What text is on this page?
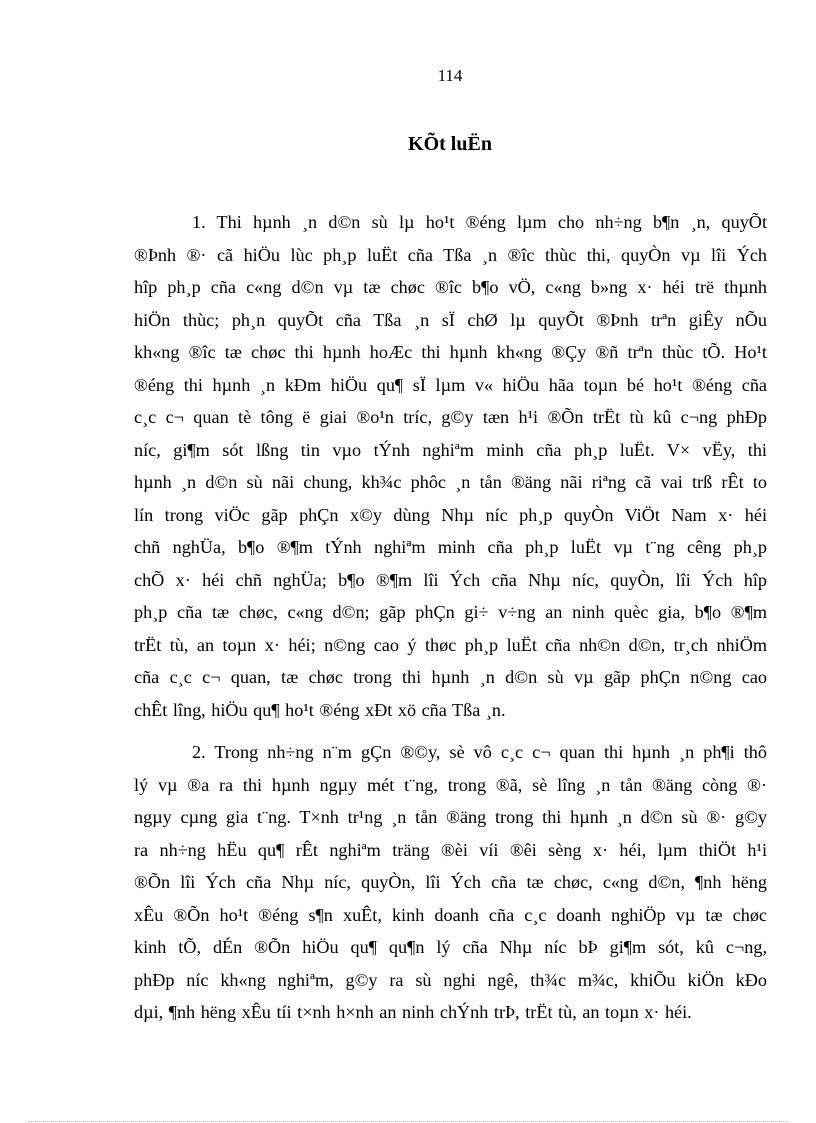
114
KÕt luËn

1. Thi hµnh ¸n d©n sù lµ ho¹t ®éng lµm cho nh÷ng b¶n ¸n, quyÕt
®Þnh ®· cã hiÖu lùc ph¸p luËt cña Tßa ¸n ®îc thùc thi, quyÒn vµ lîi Ých
hîp ph¸p cña c«ng d©n vµ tæ chøc ®îc b¶o vÖ, c«ng b»ng x· héi trë thµnh
hiÖn thùc; ph¸n quyÕt cña Tßa ¸n sÏ chØ lµ quyÕt ®Þnh trªn giÊy nÕu
kh«ng ®îc tæ chøc thi hµnh hoÆc thi hµnh kh«ng ®Çy ®ñ trªn thùc tÕ. Ho¹t
®éng thi hµnh ¸n kÐm hiÖu qu¶ sÏ lµm v« hiÖu hãa toµn bé ho¹t ®éng cña
c¸c c¬ quan tè tông ë giai ®o¹n tríc, g©y tæn h¹i ®Õn trËt tù kû c¬ng phÐp
níc, gi¶m sót lßng tin vµo tÝnh nghiªm minh cña ph¸p luËt. V× vËy, thi
hµnh ¸n d©n sù nãi chung, kh¾c phôc ¸n tån ®äng nãi riªng cã vai trß rÊt to
lín trong viÖc gãp phÇn x©y dùng Nhµ níc ph¸p quyÒn ViÖt Nam x· héi
chñ nghÜa, b¶o ®¶m tÝnh nghiªm minh cña ph¸p luËt vµ t¨ng cêng ph¸p
chÕ x· héi chñ nghÜa; b¶o ®¶m lîi Ých cña Nhµ níc, quyÒn, lîi Ých hîp
ph¸p cña tæ chøc, c«ng d©n; gãp phÇn gi÷ v÷ng an ninh quèc gia, b¶o ®¶m
trËt tù, an toµn x· héi; n©ng cao ý thøc ph¸p luËt cña nh©n d©n, tr¸ch nhiÖm
cña c¸c c¬ quan, tæ chøc trong thi hµnh ¸n d©n sù vµ gãp phÇn n©ng cao
chÊt lîng, hiÖu qu¶ ho¹t ®éng xÐt xö cña Tßa ¸n.

2. Trong nh÷ng n¨m gÇn ®©y, sè vô c¸c c¬ quan thi hµnh ¸n ph¶i thô
lý vµ ®a ra thi hµnh ngµy mét t¨ng, trong ®ã, sè lîng ¸n tån ®äng còng ®·
ngµy cµng gia t¨ng. T×nh tr¹ng ¸n tån ®äng trong thi hµnh ¸n d©n sù ®· g©y
ra nh÷ng hËu qu¶ rÊt nghiªm träng ®èi víi ®êi sèng x· héi, lµm thiÖt h¹i
®Õn lîi Ých cña Nhµ níc, quyÒn, lîi Ých cña tæ chøc, c«ng d©n, ¶nh hëng
xÊu ®Õn ho¹t ®éng s¶n xuÊt, kinh doanh cña c¸c doanh nghiÖp vµ tæ chøc
kinh tÕ, dÉn ®Õn hiÖu qu¶ qu¶n lý cña Nhµ níc bÞ gi¶m sót, kû c¬ng,
phÐp níc kh«ng nghiªm, g©y ra sù nghi ngê, th¾c m¾c, khiÕu kiÖn kÐo
dµi, ¶nh hëng xÊu tíi t×nh h×nh an ninh chÝnh trÞ, trËt tù, an toµn x· héi.
